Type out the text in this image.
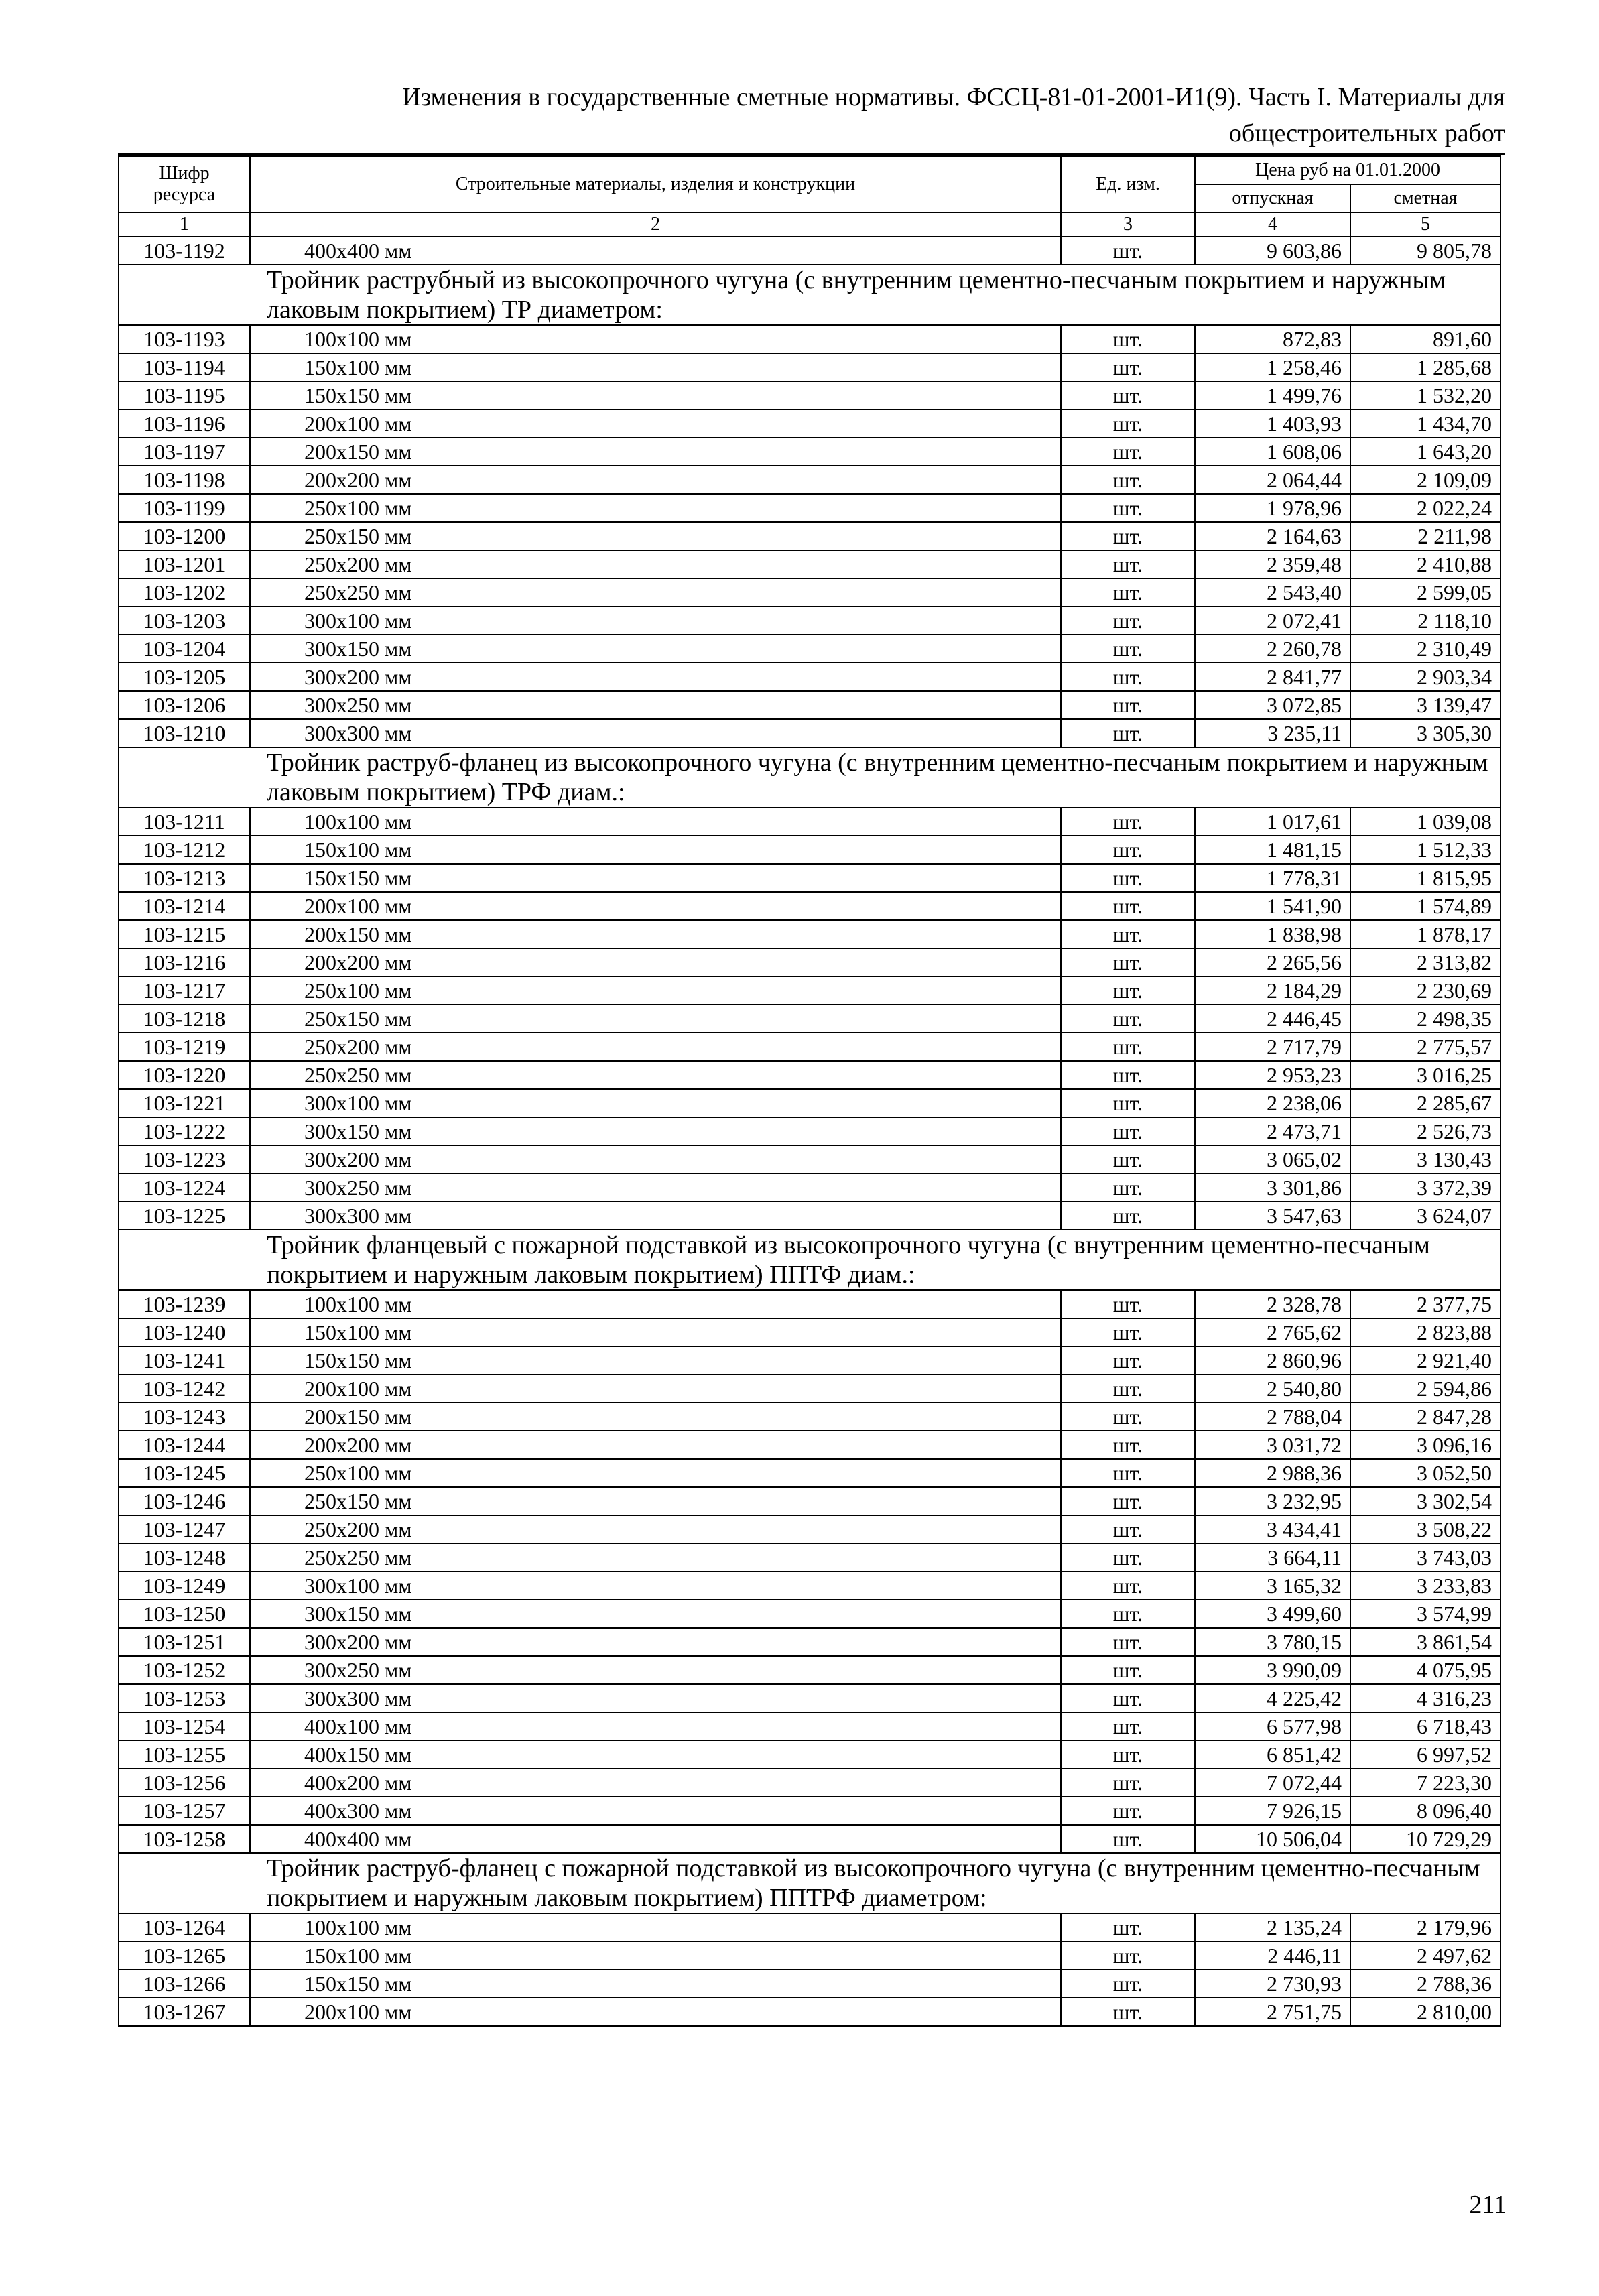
Изменения в государственные сметные нормативы. ФССЦ-81-01-2001-И1(9). Часть I. Материалы для
общестроительных работ
Шифр ресурса	Строительные материалы, изделия и конструкции	Ед. изм.	Цена руб на 01.01.2000	
			отпускная	сметная
1	2	3	4	5
103-1192	400х400 мм	шт.	9 603,86	9 805,78
Тройник раструбный из высокопрочного чугуна (с внутренним цементно-песчаным покрытием и наружным лаковым покрытием) ТР диаметром:				
103-1193	100х100 мм	шт.	872,83	891,60
103-1194	150х100 мм	шт.	1 258,46	1 285,68
103-1195	150х150 мм	шт.	1 499,76	1 532,20
103-1196	200х100 мм	шт.	1 403,93	1 434,70
103-1197	200х150 мм	шт.	1 608,06	1 643,20
103-1198	200х200 мм	шт.	2 064,44	2 109,09
103-1199	250х100 мм	шт.	1 978,96	2 022,24
103-1200	250х150 мм	шт.	2 164,63	2 211,98
103-1201	250х200 мм	шт.	2 359,48	2 410,88
103-1202	250х250 мм	шт.	2 543,40	2 599,05
103-1203	300х100 мм	шт.	2 072,41	2 118,10
103-1204	300х150 мм	шт.	2 260,78	2 310,49
103-1205	300х200 мм	шт.	2 841,77	2 903,34
103-1206	300х250 мм	шт.	3 072,85	3 139,47
103-1210	300х300 мм	шт.	3 235,11	3 305,30
Тройник раструб-фланец из высокопрочного чугуна (с внутренним цементно-песчаным покрытием и наружным лаковым покрытием) ТРФ диам.:				
103-1211	100х100 мм	шт.	1 017,61	1 039,08
103-1212	150х100 мм	шт.	1 481,15	1 512,33
103-1213	150х150 мм	шт.	1 778,31	1 815,95
103-1214	200х100 мм	шт.	1 541,90	1 574,89
103-1215	200х150 мм	шт.	1 838,98	1 878,17
103-1216	200х200 мм	шт.	2 265,56	2 313,82
103-1217	250х100 мм	шт.	2 184,29	2 230,69
103-1218	250х150 мм	шт.	2 446,45	2 498,35
103-1219	250х200 мм	шт.	2 717,79	2 775,57
103-1220	250х250 мм	шт.	2 953,23	3 016,25
103-1221	300х100 мм	шт.	2 238,06	2 285,67
103-1222	300х150 мм	шт.	2 473,71	2 526,73
103-1223	300х200 мм	шт.	3 065,02	3 130,43
103-1224	300х250 мм	шт.	3 301,86	3 372,39
103-1225	300х300 мм	шт.	3 547,63	3 624,07
Тройник фланцевый с пожарной подставкой из высокопрочного чугуна (с внутренним цементно-песчаным покрытием и наружным лаковым покрытием) ППТФ диам.:				
103-1239	100х100 мм	шт.	2 328,78	2 377,75
103-1240	150х100 мм	шт.	2 765,62	2 823,88
103-1241	150х150 мм	шт.	2 860,96	2 921,40
103-1242	200х100 мм	шт.	2 540,80	2 594,86
103-1243	200х150 мм	шт.	2 788,04	2 847,28
103-1244	200х200 мм	шт.	3 031,72	3 096,16
103-1245	250х100 мм	шт.	2 988,36	3 052,50
103-1246	250х150 мм	шт.	3 232,95	3 302,54
103-1247	250х200 мм	шт.	3 434,41	3 508,22
103-1248	250х250 мм	шт.	3 664,11	3 743,03
103-1249	300х100 мм	шт.	3 165,32	3 233,83
103-1250	300х150 мм	шт.	3 499,60	3 574,99
103-1251	300х200 мм	шт.	3 780,15	3 861,54
103-1252	300х250 мм	шт.	3 990,09	4 075,95
103-1253	300х300 мм	шт.	4 225,42	4 316,23
103-1254	400х100 мм	шт.	6 577,98	6 718,43
103-1255	400х150 мм	шт.	6 851,42	6 997,52
103-1256	400х200 мм	шт.	7 072,44	7 223,30
103-1257	400х300 мм	шт.	7 926,15	8 096,40
103-1258	400х400 мм	шт.	10 506,04	10 729,29
Тройник раструб-фланец с пожарной подставкой из высокопрочного чугуна (с внутренним цементно-песчаным покрытием и наружным лаковым покрытием) ППТРФ диаметром:				
103-1264	100х100 мм	шт.	2 135,24	2 179,96
103-1265	150х100 мм	шт.	2 446,11	2 497,62
103-1266	150х150 мм	шт.	2 730,93	2 788,36
103-1267	200х100 мм	шт.	2 751,75	2 810,00
211
